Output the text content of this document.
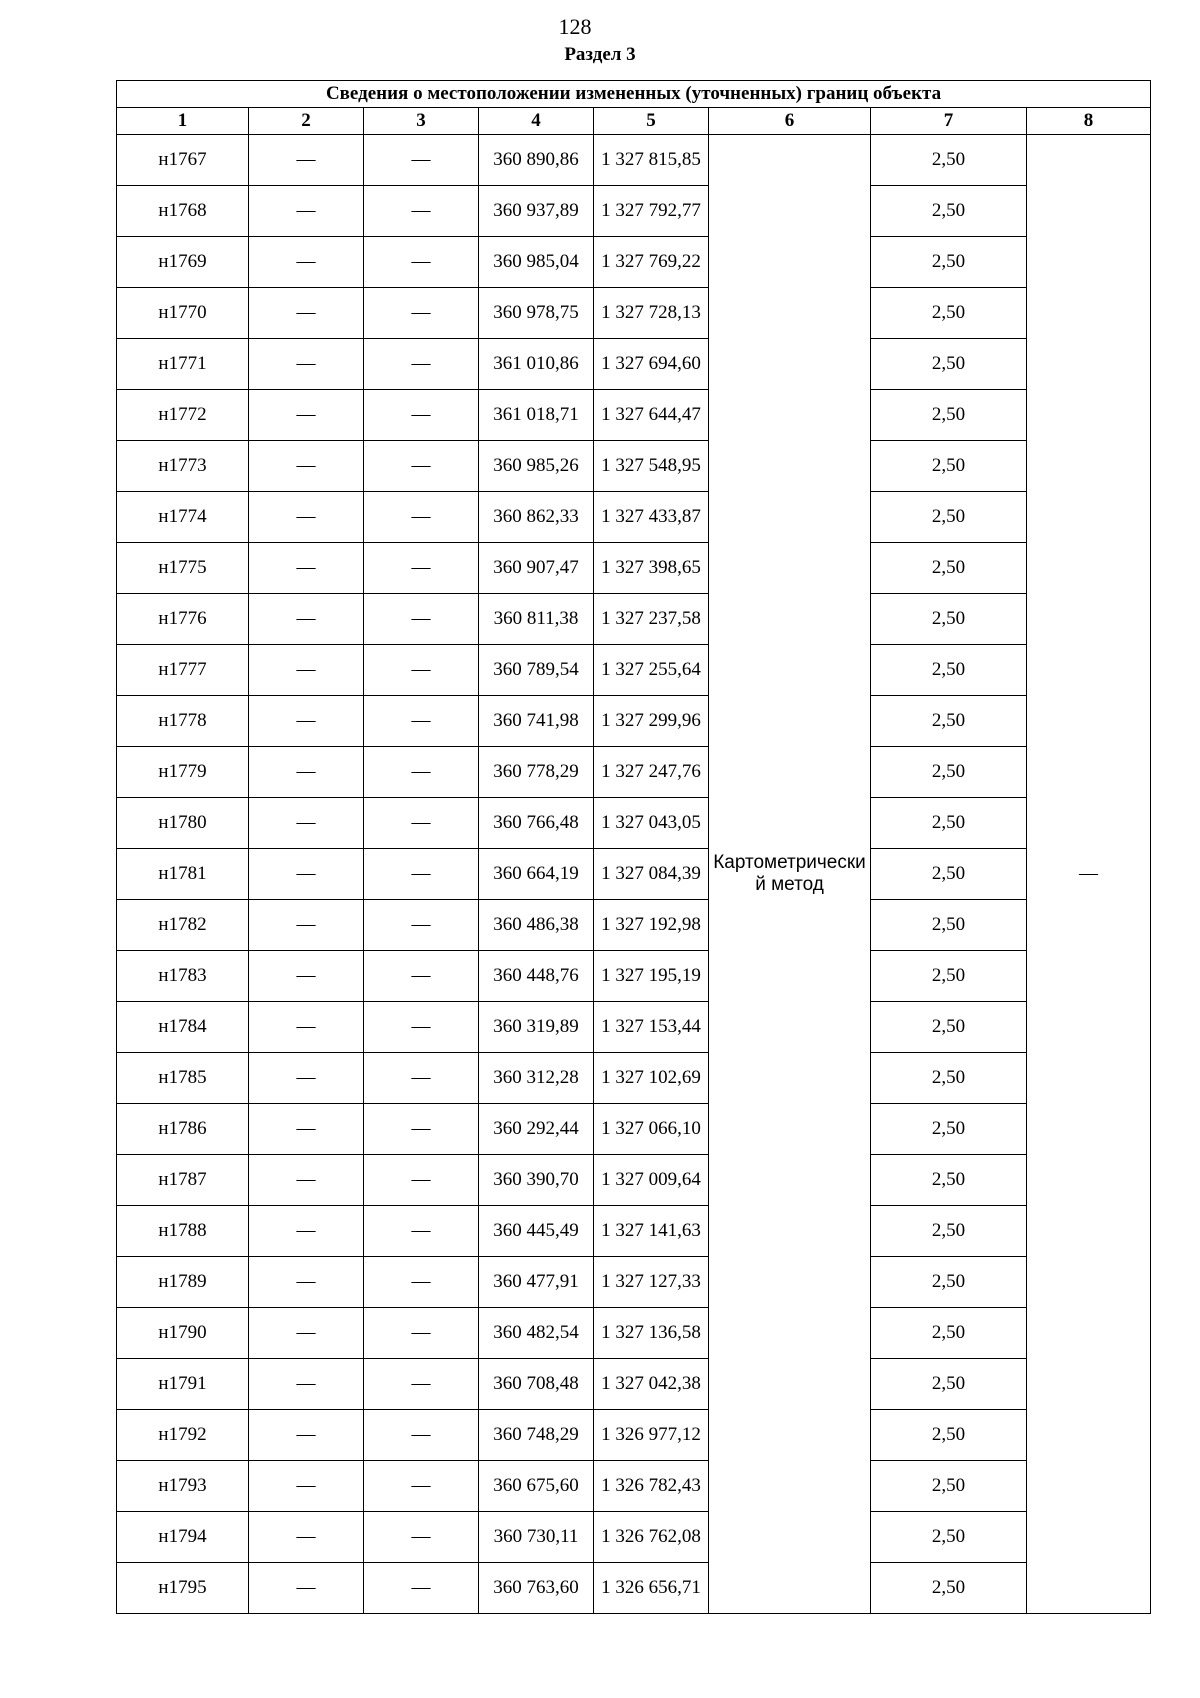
128
Раздел 3
Сведения о местоположении измененных (уточненных) границ объекта							
1	2	3	4	5	6	7	8
н1767	—	—	360 890,86	1 327 815,85	Картометрически й метод	2,50	—
н1768	—	—	360 937,89	1 327 792,77		2,50	
н1769	—	—	360 985,04	1 327 769,22		2,50	
н1770	—	—	360 978,75	1 327 728,13		2,50	
н1771	—	—	361 010,86	1 327 694,60		2,50	
н1772	—	—	361 018,71	1 327 644,47		2,50	
н1773	—	—	360 985,26	1 327 548,95		2,50	
н1774	—	—	360 862,33	1 327 433,87		2,50	
н1775	—	—	360 907,47	1 327 398,65		2,50	
н1776	—	—	360 811,38	1 327 237,58		2,50	
н1777	—	—	360 789,54	1 327 255,64		2,50	
н1778	—	—	360 741,98	1 327 299,96		2,50	
н1779	—	—	360 778,29	1 327 247,76		2,50	
н1780	—	—	360 766,48	1 327 043,05		2,50	
н1781	—	—	360 664,19	1 327 084,39		2,50	
н1782	—	—	360 486,38	1 327 192,98		2,50	
н1783	—	—	360 448,76	1 327 195,19		2,50	
н1784	—	—	360 319,89	1 327 153,44		2,50	
н1785	—	—	360 312,28	1 327 102,69		2,50	
н1786	—	—	360 292,44	1 327 066,10		2,50	
н1787	—	—	360 390,70	1 327 009,64		2,50	
н1788	—	—	360 445,49	1 327 141,63		2,50	
н1789	—	—	360 477,91	1 327 127,33		2,50	
н1790	—	—	360 482,54	1 327 136,58		2,50	
н1791	—	—	360 708,48	1 327 042,38		2,50	
н1792	—	—	360 748,29	1 326 977,12		2,50	
н1793	—	—	360 675,60	1 326 782,43		2,50	
н1794	—	—	360 730,11	1 326 762,08		2,50	
н1795	—	—	360 763,60	1 326 656,71		2,50	
